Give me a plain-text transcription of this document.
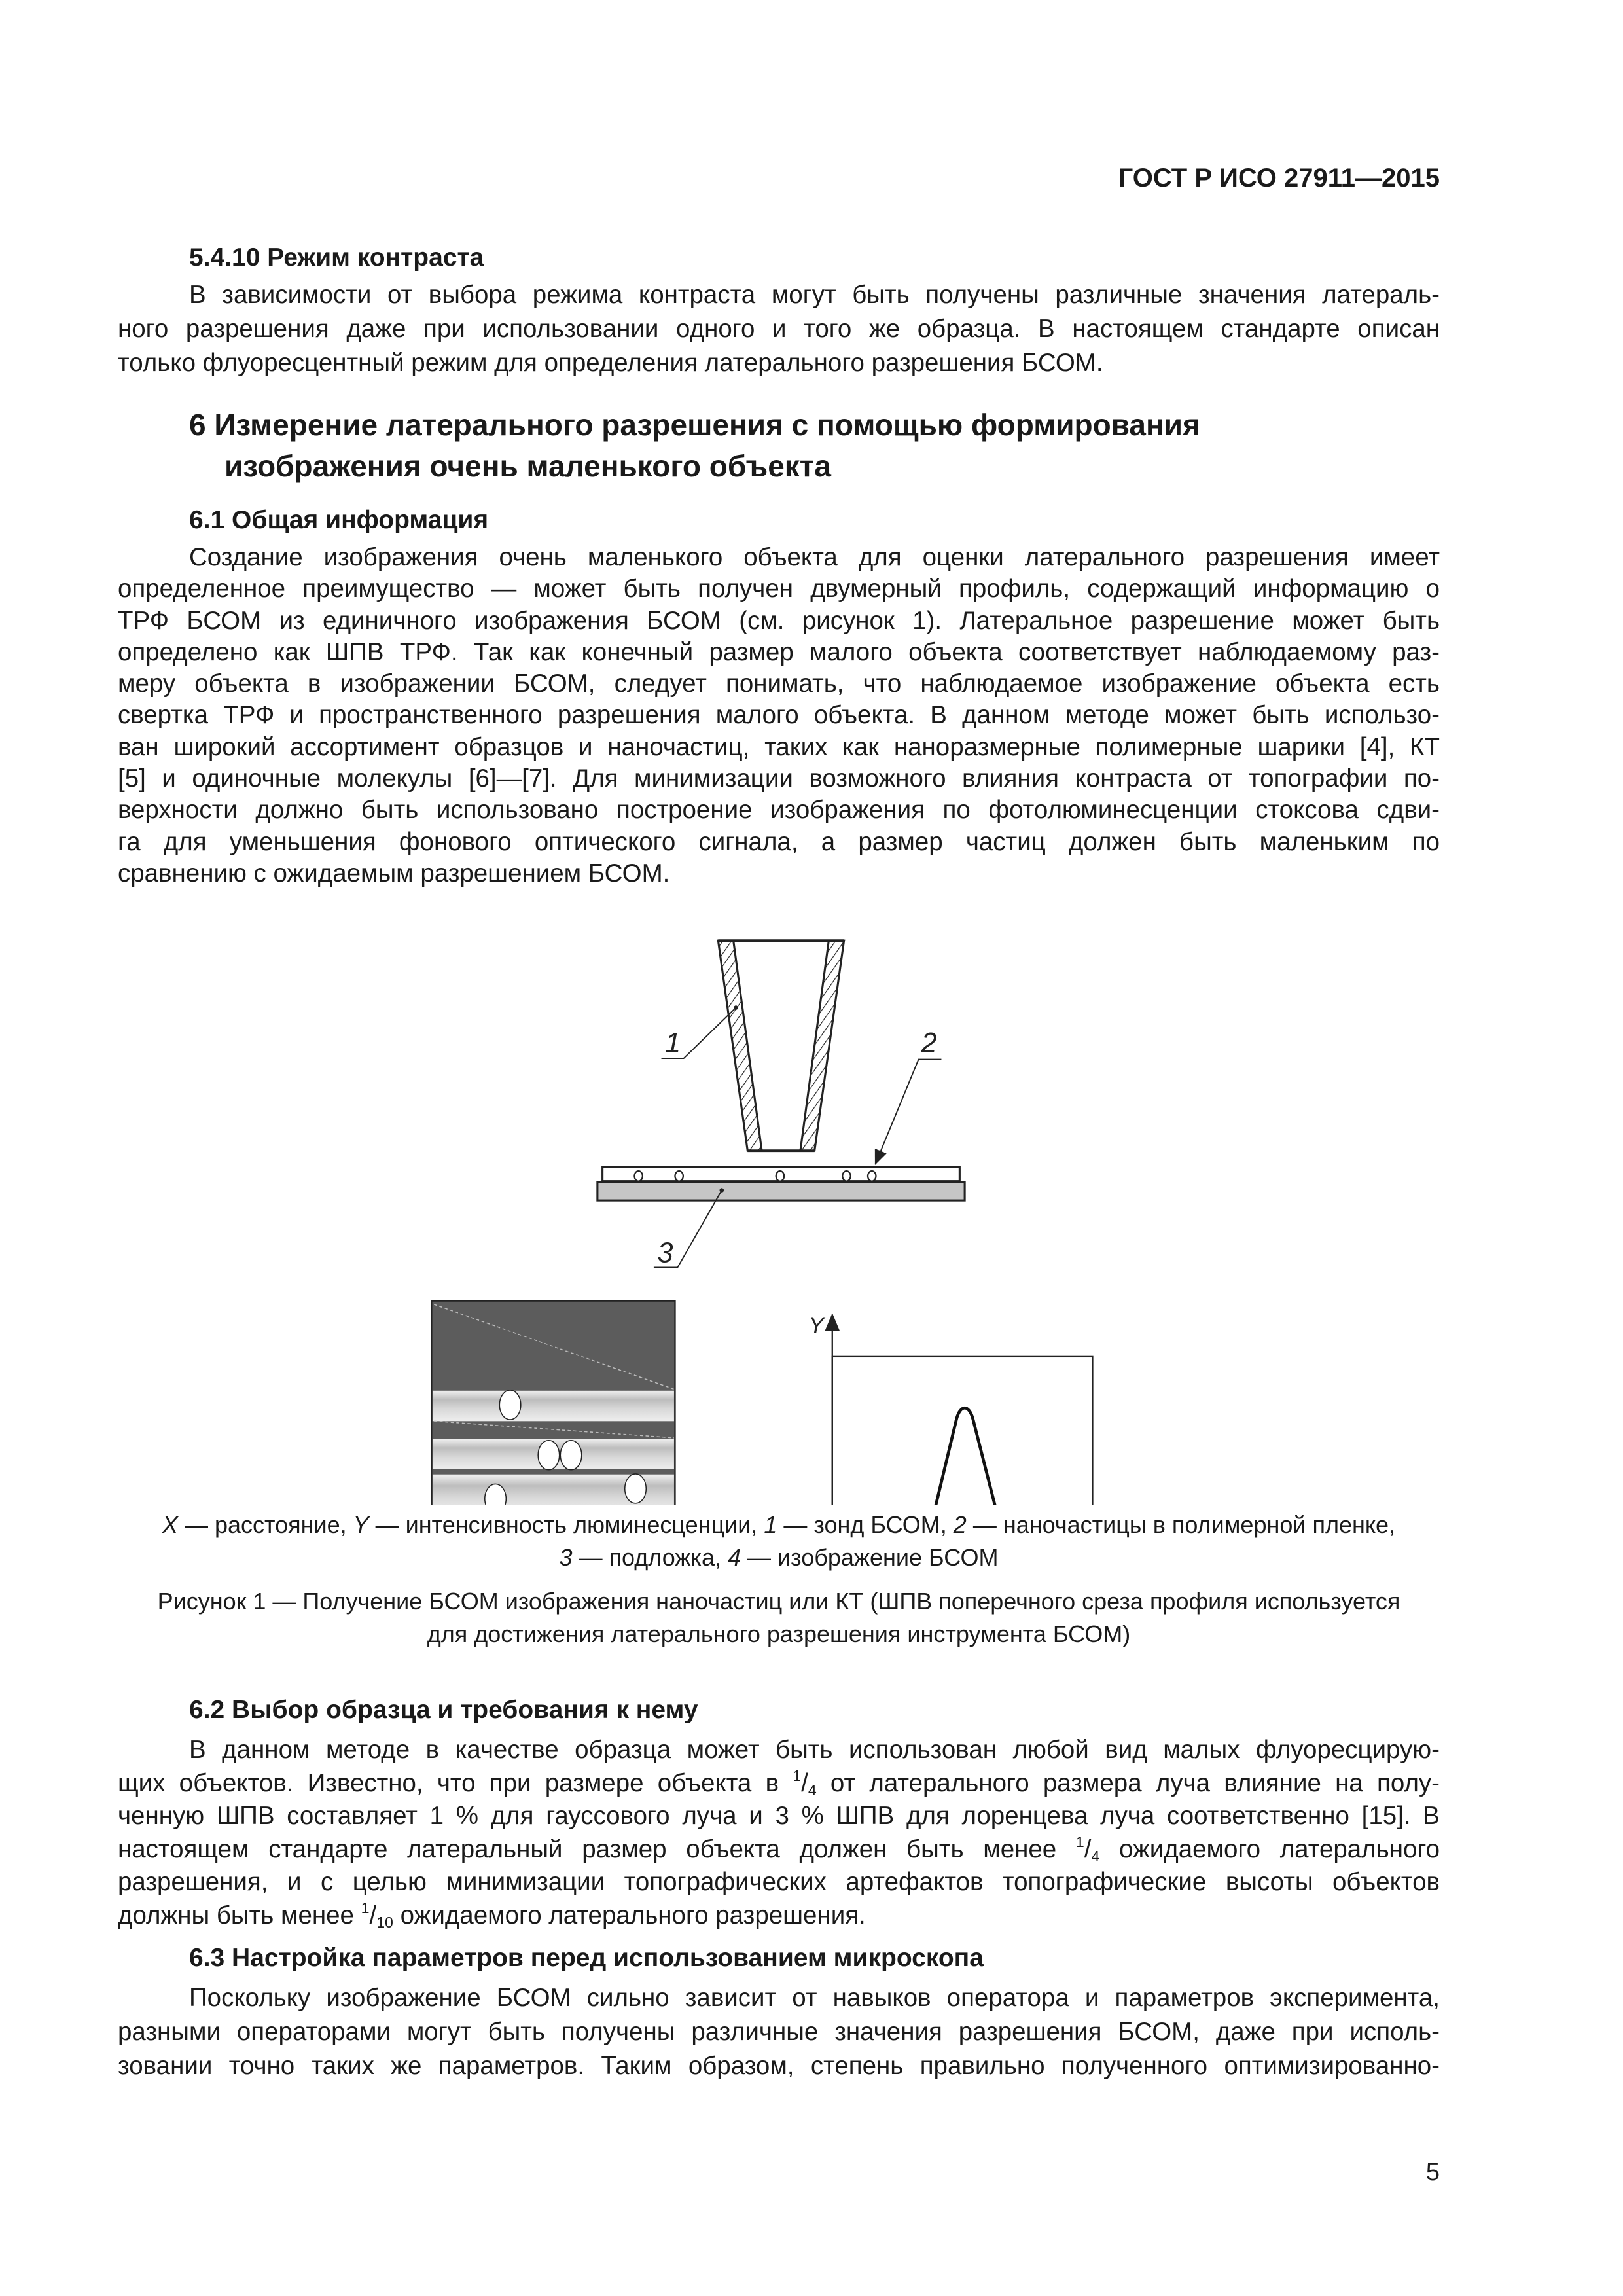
ГОСТ Р ИСО 27911—2015
5.4.10 Режим контраста
В зависимости от выбора режима контраста могут быть получены различные значения латераль-
ного разрешения даже при использовании одного и того же образца. В настоящем стандарте описан
только флуоресцентный режим для определения латерального разрешения БСОМ.
6 Измерение латерального разрешения с помощью формирования
изображения очень маленького объекта
6.1 Общая информация
Создание изображения очень маленького объекта для оценки латерального разрешения имеет
определенное преимущество — может быть получен двумерный профиль, содержащий информацию о
ТРФ БСОМ из единичного изображения БСОМ (см. рисунок 1). Латеральное разрешение может быть
определено как ШПВ ТРФ. Так как конечный размер малого объекта соответствует наблюдаемому раз-
меру объекта в изображении БСОМ, следует понимать, что наблюдаемое изображение объекта есть
свертка ТРФ и пространственного разрешения малого объекта. В данном методе может быть использо-
ван широкий ассортимент образцов и наночастиц, таких как наноразмерные полимерные шарики [4], КТ
[5] и одиночные молекулы [6]—[7]. Для минимизации возможного влияния контраста от топографии по-
верхности должно быть использовано построение изображения по фотолюминесценции стоксова сдви-
га для уменьшения фонового оптического сигнала, а размер частиц должен быть маленьким по
сравнению с ожидаемым разрешением БСОМ.
1	2
3
Y
X — расстояние, Y — интенсивность люминесценции, 1 — зонд БСОМ, 2 — наночастицы в полимерной пленке,
3 — подложка, 4 — изображение БСОМ
Рисунок 1 — Получение БСОМ изображения наночастиц или КТ (ШПВ поперечного среза профиля используется
для достижения латерального разрешения инструмента БСОМ)
6.2 Выбор образца и требования к нему
В данном методе в качестве образца может быть использован любой вид малых флуоресцирую-
щих объектов. Известно, что при размере объекта в $^1/_4$ от латерального размера луча влияние на полу-
ченную ШПВ составляет 1 % для гауссового луча и 3 % ШПВ для лоренцева луча соответственно [15]. В
настоящем стандарте латеральный размер объекта должен быть менее $^1/_4$ ожидаемого латерального
разрешения, и с целью минимизации топографических артефактов топографические высоты объектов
должны быть менее $^1/_{10}$ ожидаемого латерального разрешения.
6.3 Настройка параметров перед использованием микроскопа
Поскольку изображение БСОМ сильно зависит от навыков оператора и параметров эксперимента,
разными операторами могут быть получены различные значения разрешения БСОМ, даже при исполь-
зовании точно таких же параметров. Таким образом, степень правильно полученного оптимизированно-
5
